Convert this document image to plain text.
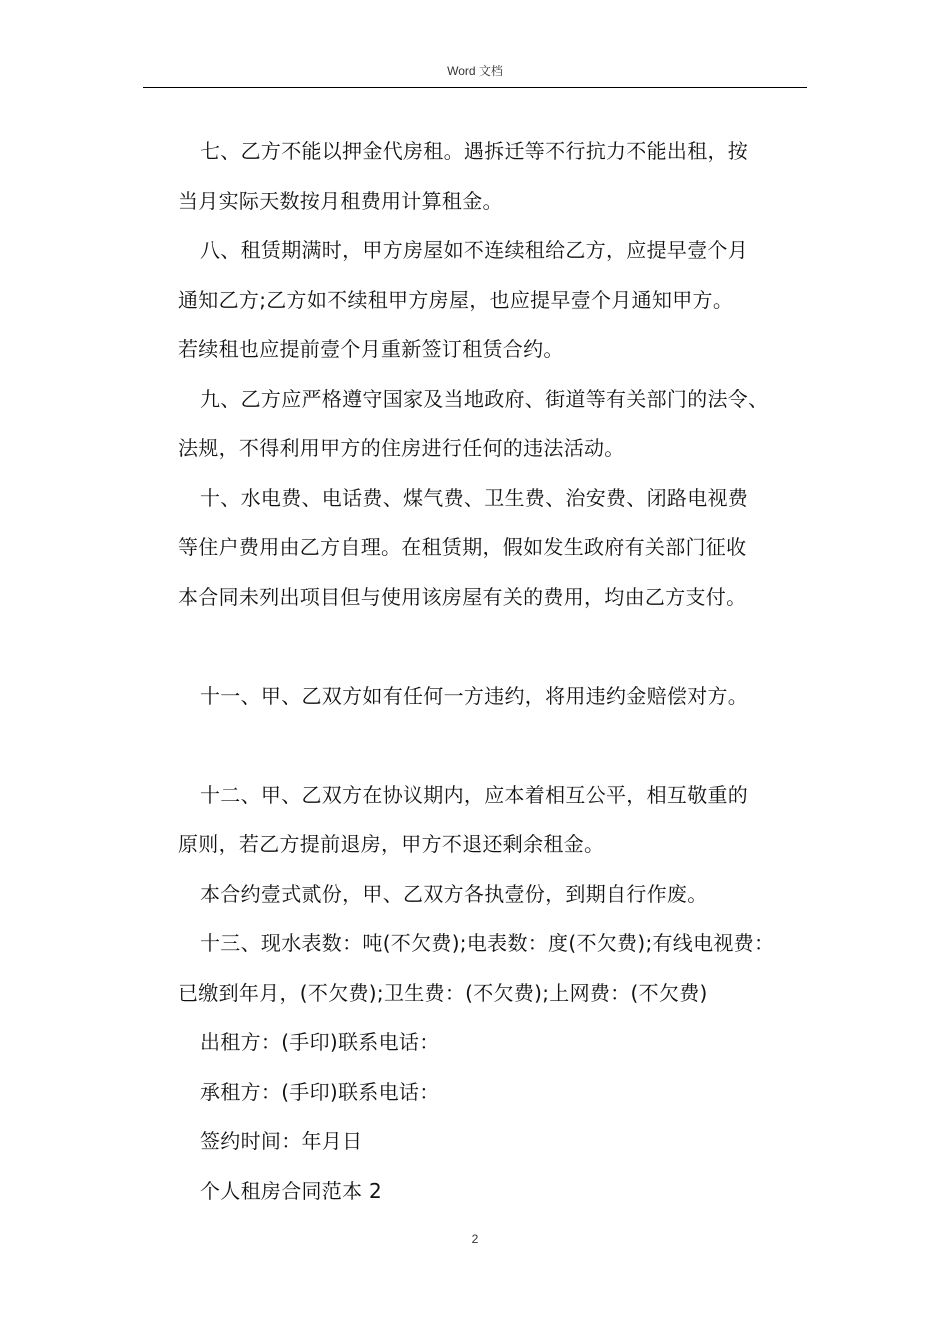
Word 文档
七、乙方不能以押金代房租。遇拆迁等不行抗力不能出租，按
当月实际天数按月租费用计算租金。
八、租赁期满时，甲方房屋如不连续租给乙方，应提早壹个月
通知乙方;乙方如不续租甲方房屋，也应提早壹个月通知甲方。
若续租也应提前壹个月重新签订租赁合约。
九、乙方应严格遵守国家及当地政府、街道等有关部门的法令、
法规，不得利用甲方的住房进行任何的违法活动。
十、水电费、电话费、煤气费、卫生费、治安费、闭路电视费
等住户费用由乙方自理。在租赁期，假如发生政府有关部门征收
本合同未列出项目但与使用该房屋有关的费用，均由乙方支付。
十一、甲、乙双方如有任何一方违约，将用违约金赔偿对方。
十二、甲、乙双方在协议期内，应本着相互公平，相互敬重的
原则，若乙方提前退房，甲方不退还剩余租金。
本合约壹式贰份，甲、乙双方各执壹份，到期自行作废。
十三、现水表数：吨(不欠费);电表数：度(不欠费);有线电视费：
已缴到年月，(不欠费);卫生费：(不欠费);上网费：(不欠费)
出租方：(手印)联系电话：
承租方：(手印)联系电话：
签约时间：年月日
个人租房合同范本 2
2
